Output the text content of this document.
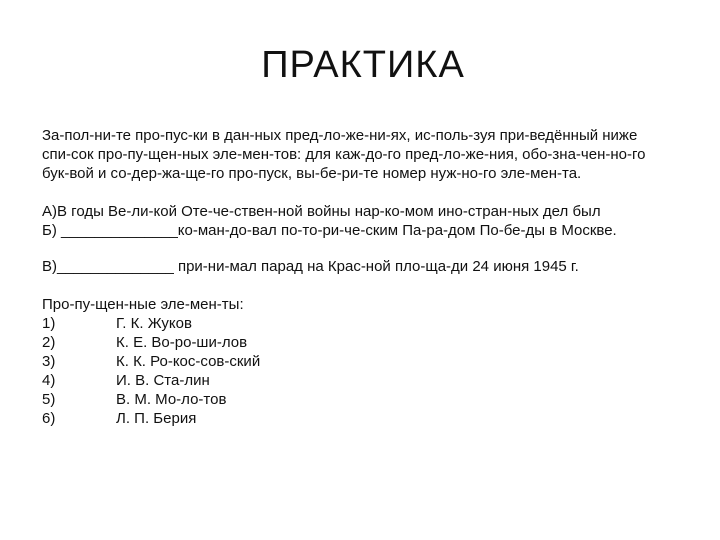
ПРАКТИКА
За-пол-ни-те про-пус-ки в дан-ных пред-ло-же-ни-ях, ис-поль-зуя при-ведённый ниже
спи-сок про-пу-щен-ных эле-мен-тов: для каж-до-го пред-ло-же-ния, обо-зна-чен-но-го
бук-вой и со-дер-жа-ще-го про-пуск, вы-бе-ри-те номер нуж-но-го эле-мен-та.
А)В годы Ве-ли-кой Оте-че-ствен-ной войны нар-ко-мом ино-стран-ных дел был
Б) ______________ко-ман-до-вал по-то-ри-че-ским Па-ра-дом По-бе-ды в Москве.
В)______________ при-ни-мал парад на Крас-ной пло-ща-ди 24 июня 1945 г.
Про-пу-щен-ные эле-мен-ты:
1)	Г. К. Жуков
2)	К. Е. Во-ро-ши-лов
3)	К. К. Ро-кос-сов-ский
4)	И. В. Ста-лин
5)	В. М. Мо-ло-тов
6)	Л. П. Берия
